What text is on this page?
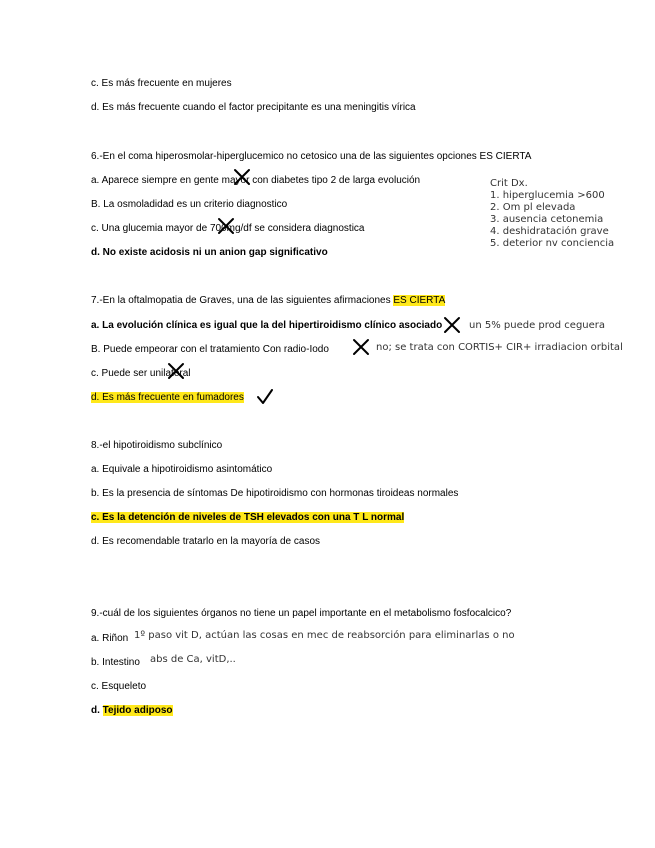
c. Es más frecuente en mujeres
d. Es más frecuente cuando el factor precipitante es una meningitis vírica
6.-En el coma hiperosmolar-hiperglucemico no cetosico una de las siguientes opciones ES CIERTA
a. Aparece siempre en gente mayor con diabetes tipo 2 de larga evolución
B. La osmoladidad es un criterio diagnostico
c. Una glucemia mayor de 700mg/df se considera diagnostica
d. No existe acidosis ni un anion gap significativo
Crit Dx.
1. hiperglucemia >600
2. Om pl elevada
3. ausencia cetonemia
4. deshidratación grave
5. deterior nv conciencia
7.-En la oftalmopatia de Graves, una de las siguientes afirmaciones ES CIERTA
a. La evolución clínica es igual que la del hipertiroidismo clínico asociado	un 5% puede prod ceguera
B. Puede empeorar con el tratamiento Con radio-Iodo	no; se trata con CORTIS+ CIR+ irradiacion orbital
c. Puede ser unilateral
d. Es más frecuente en fumadores
8.-el hipotiroidismo subclínico
a. Equivale a hipotiroidismo asintomático
b. Es la presencia de síntomas De hipotiroidismo con hormonas tiroideas normales
c. Es la detención de niveles de TSH elevados con una T L normal
d. Es recomendable tratarlo en la mayoría de casos
9.-cuál de los siguientes órganos no tiene un papel importante en el metabolismo fosfocalcico?
a. Riñon 1º paso vit D, actúan las cosas en mec de reabsorción para eliminarlas o no
b. Intestino abs de Ca, vitD,..
c. Esqueleto
d. Tejido adiposo
